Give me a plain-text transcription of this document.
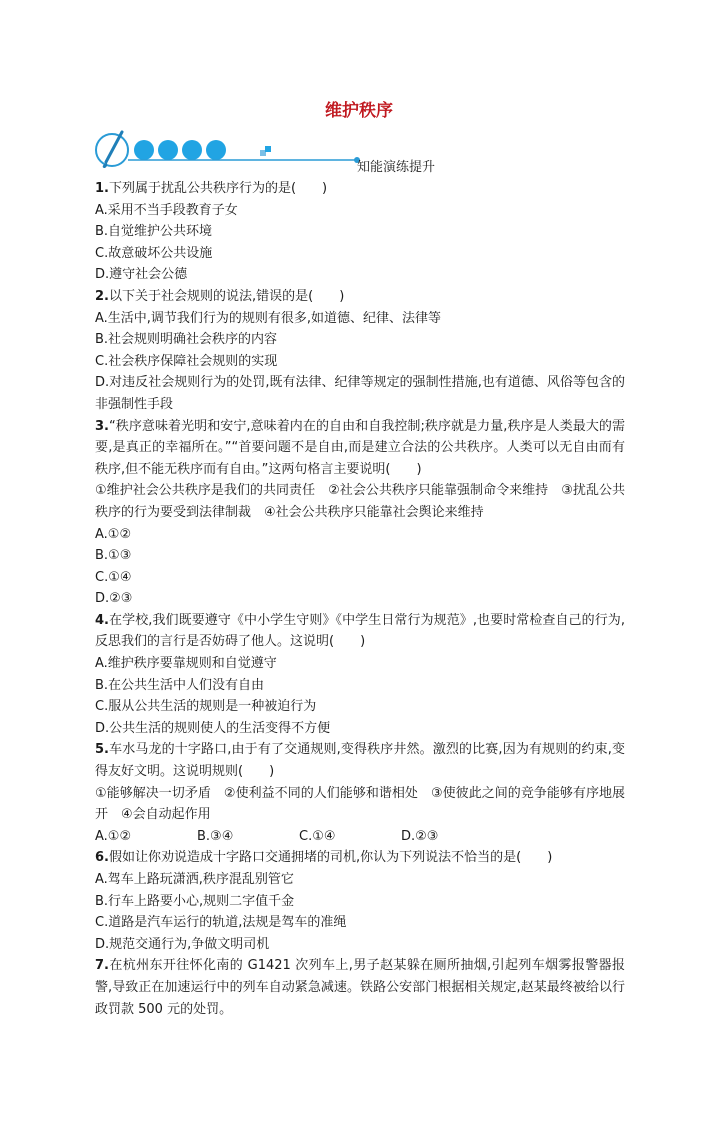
维护秩序
知能演练提升
1.下列属于扰乱公共秩序行为的是(　　)
A.采用不当手段教育子女
B.自觉维护公共环境
C.故意破坏公共设施
D.遵守社会公德
2.以下关于社会规则的说法,错误的是(　　)
A.生活中,调节我们行为的规则有很多,如道德、纪律、法律等
B.社会规则明确社会秩序的内容
C.社会秩序保障社会规则的实现
D.对违反社会规则行为的处罚,既有法律、纪律等规定的强制性措施,也有道德、风俗等包含的非强制性手段
3.“秩序意味着光明和安宁,意味着内在的自由和自我控制;秩序就是力量,秩序是人类最大的需要,是真正的幸福所在。”“首要问题不是自由,而是建立合法的公共秩序。人类可以无自由而有秩序,但不能无秩序而有自由。”这两句格言主要说明(　　)
①维护社会公共秩序是我们的共同责任　②社会公共秩序只能靠强制命令来维持　③扰乱公共秩序的行为要受到法律制裁　④社会公共秩序只能靠社会舆论来维持
A.①②
B.①③
C.①④
D.②③
4.在学校,我们既要遵守《中小学生守则》《中学生日常行为规范》,也要时常检查自己的行为,反思我们的言行是否妨碍了他人。这说明(　　)
A.维护秩序要靠规则和自觉遵守
B.在公共生活中人们没有自由
C.服从公共生活的规则是一种被迫行为
D.公共生活的规则使人的生活变得不方便
5.车水马龙的十字路口,由于有了交通规则,变得秩序井然。激烈的比赛,因为有规则的约束,变得友好文明。这说明规则(　　)
①能够解决一切矛盾　②使利益不同的人们能够和谐相处　③使彼此之间的竞争能够有序地展开　④会自动起作用
A.①②	B.③④	C.①④	D.②③
6.假如让你劝说造成十字路口交通拥堵的司机,你认为下列说法不恰当的是(　　)
A.驾车上路玩潇洒,秩序混乱别管它
B.行车上路要小心,规则二字值千金
C.道路是汽车运行的轨道,法规是驾车的准绳
D.规范交通行为,争做文明司机
7.在杭州东开往怀化南的 G1421 次列车上,男子赵某躲在厕所抽烟,引起列车烟雾报警器报警,导致正在加速运行中的列车自动紧急减速。铁路公安部门根据相关规定,赵某最终被给以行政罚款 500 元的处罚。
